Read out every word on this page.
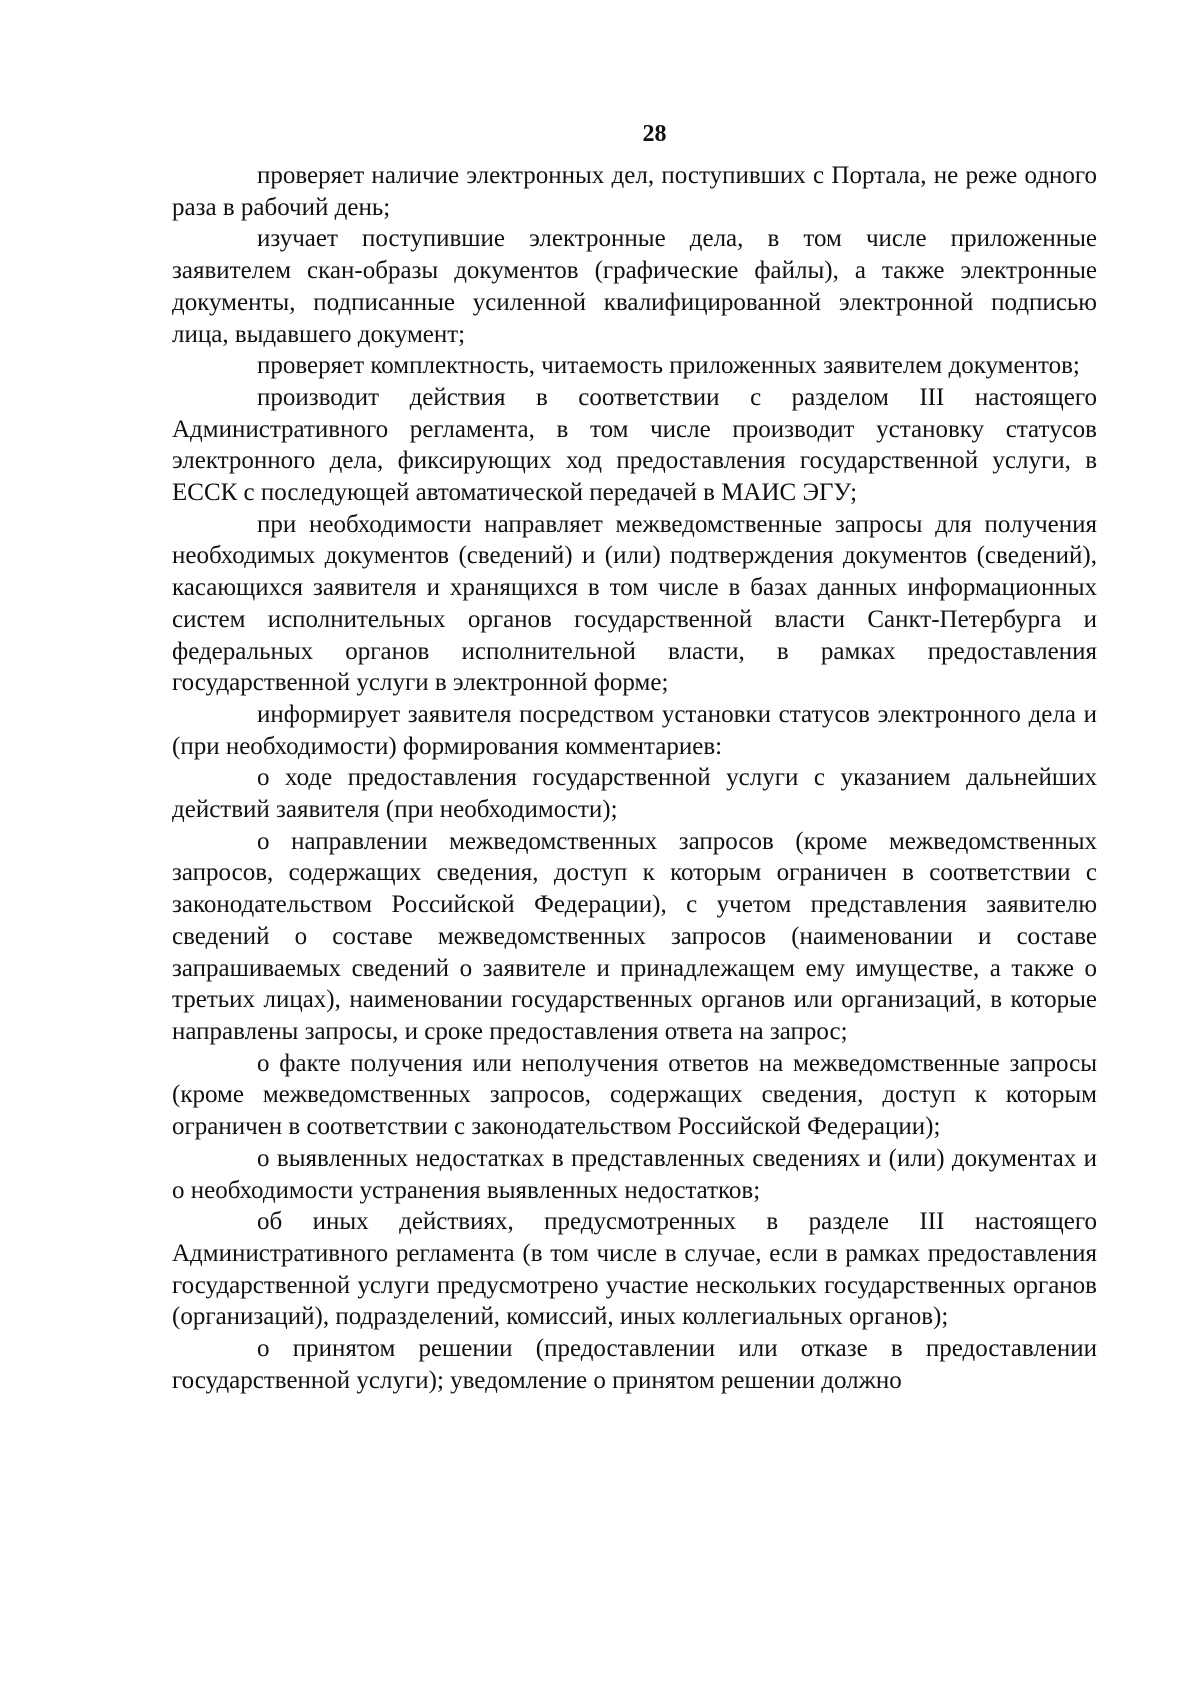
28

проверяет наличие электронных дел, поступивших с Портала, не реже одного раза в рабочий день;

изучает поступившие электронные дела, в том числе приложенные заявителем скан-образы документов (графические файлы), а также электронные документы, подписанные усиленной квалифицированной электронной подписью лица, выдавшего документ;

проверяет комплектность, читаемость приложенных заявителем документов;

производит действия в соответствии с разделом III настоящего Административного регламента, в том числе производит установку статусов электронного дела, фиксирующих ход предоставления государственной услуги, в ЕССК с последующей автоматической передачей в МАИС ЭГУ;

при необходимости направляет межведомственные запросы для получения необходимых документов (сведений) и (или) подтверждения документов (сведений), касающихся заявителя и хранящихся в том числе в базах данных информационных систем исполнительных органов государственной власти Санкт-Петербурга и федеральных органов исполнительной власти, в рамках предоставления государственной услуги в электронной форме;

информирует заявителя посредством установки статусов электронного дела и (при необходимости) формирования комментариев:

о ходе предоставления государственной услуги с указанием дальнейших действий заявителя (при необходимости);

о направлении межведомственных запросов (кроме межведомственных запросов, содержащих сведения, доступ к которым ограничен в соответствии с законодательством Российской Федерации), с учетом представления заявителю сведений о составе межведомственных запросов (наименовании и составе запрашиваемых сведений о заявителе и принадлежащем ему имуществе, а также о третьих лицах), наименовании государственных органов или организаций, в которые направлены запросы, и сроке предоставления ответа на запрос;

о факте получения или неполучения ответов на межведомственные запросы (кроме межведомственных запросов, содержащих сведения, доступ к которым ограничен в соответствии с законодательством Российской Федерации);

о выявленных недостатках в представленных сведениях и (или) документах и о необходимости устранения выявленных недостатков;

об иных действиях, предусмотренных в разделе III настоящего Административного регламента (в том числе в случае, если в рамках предоставления государственной услуги предусмотрено участие нескольких государственных органов (организаций), подразделений, комиссий, иных коллегиальных органов);

о принятом решении (предоставлении или отказе в предоставлении государственной услуги); уведомление о принятом решении должно
